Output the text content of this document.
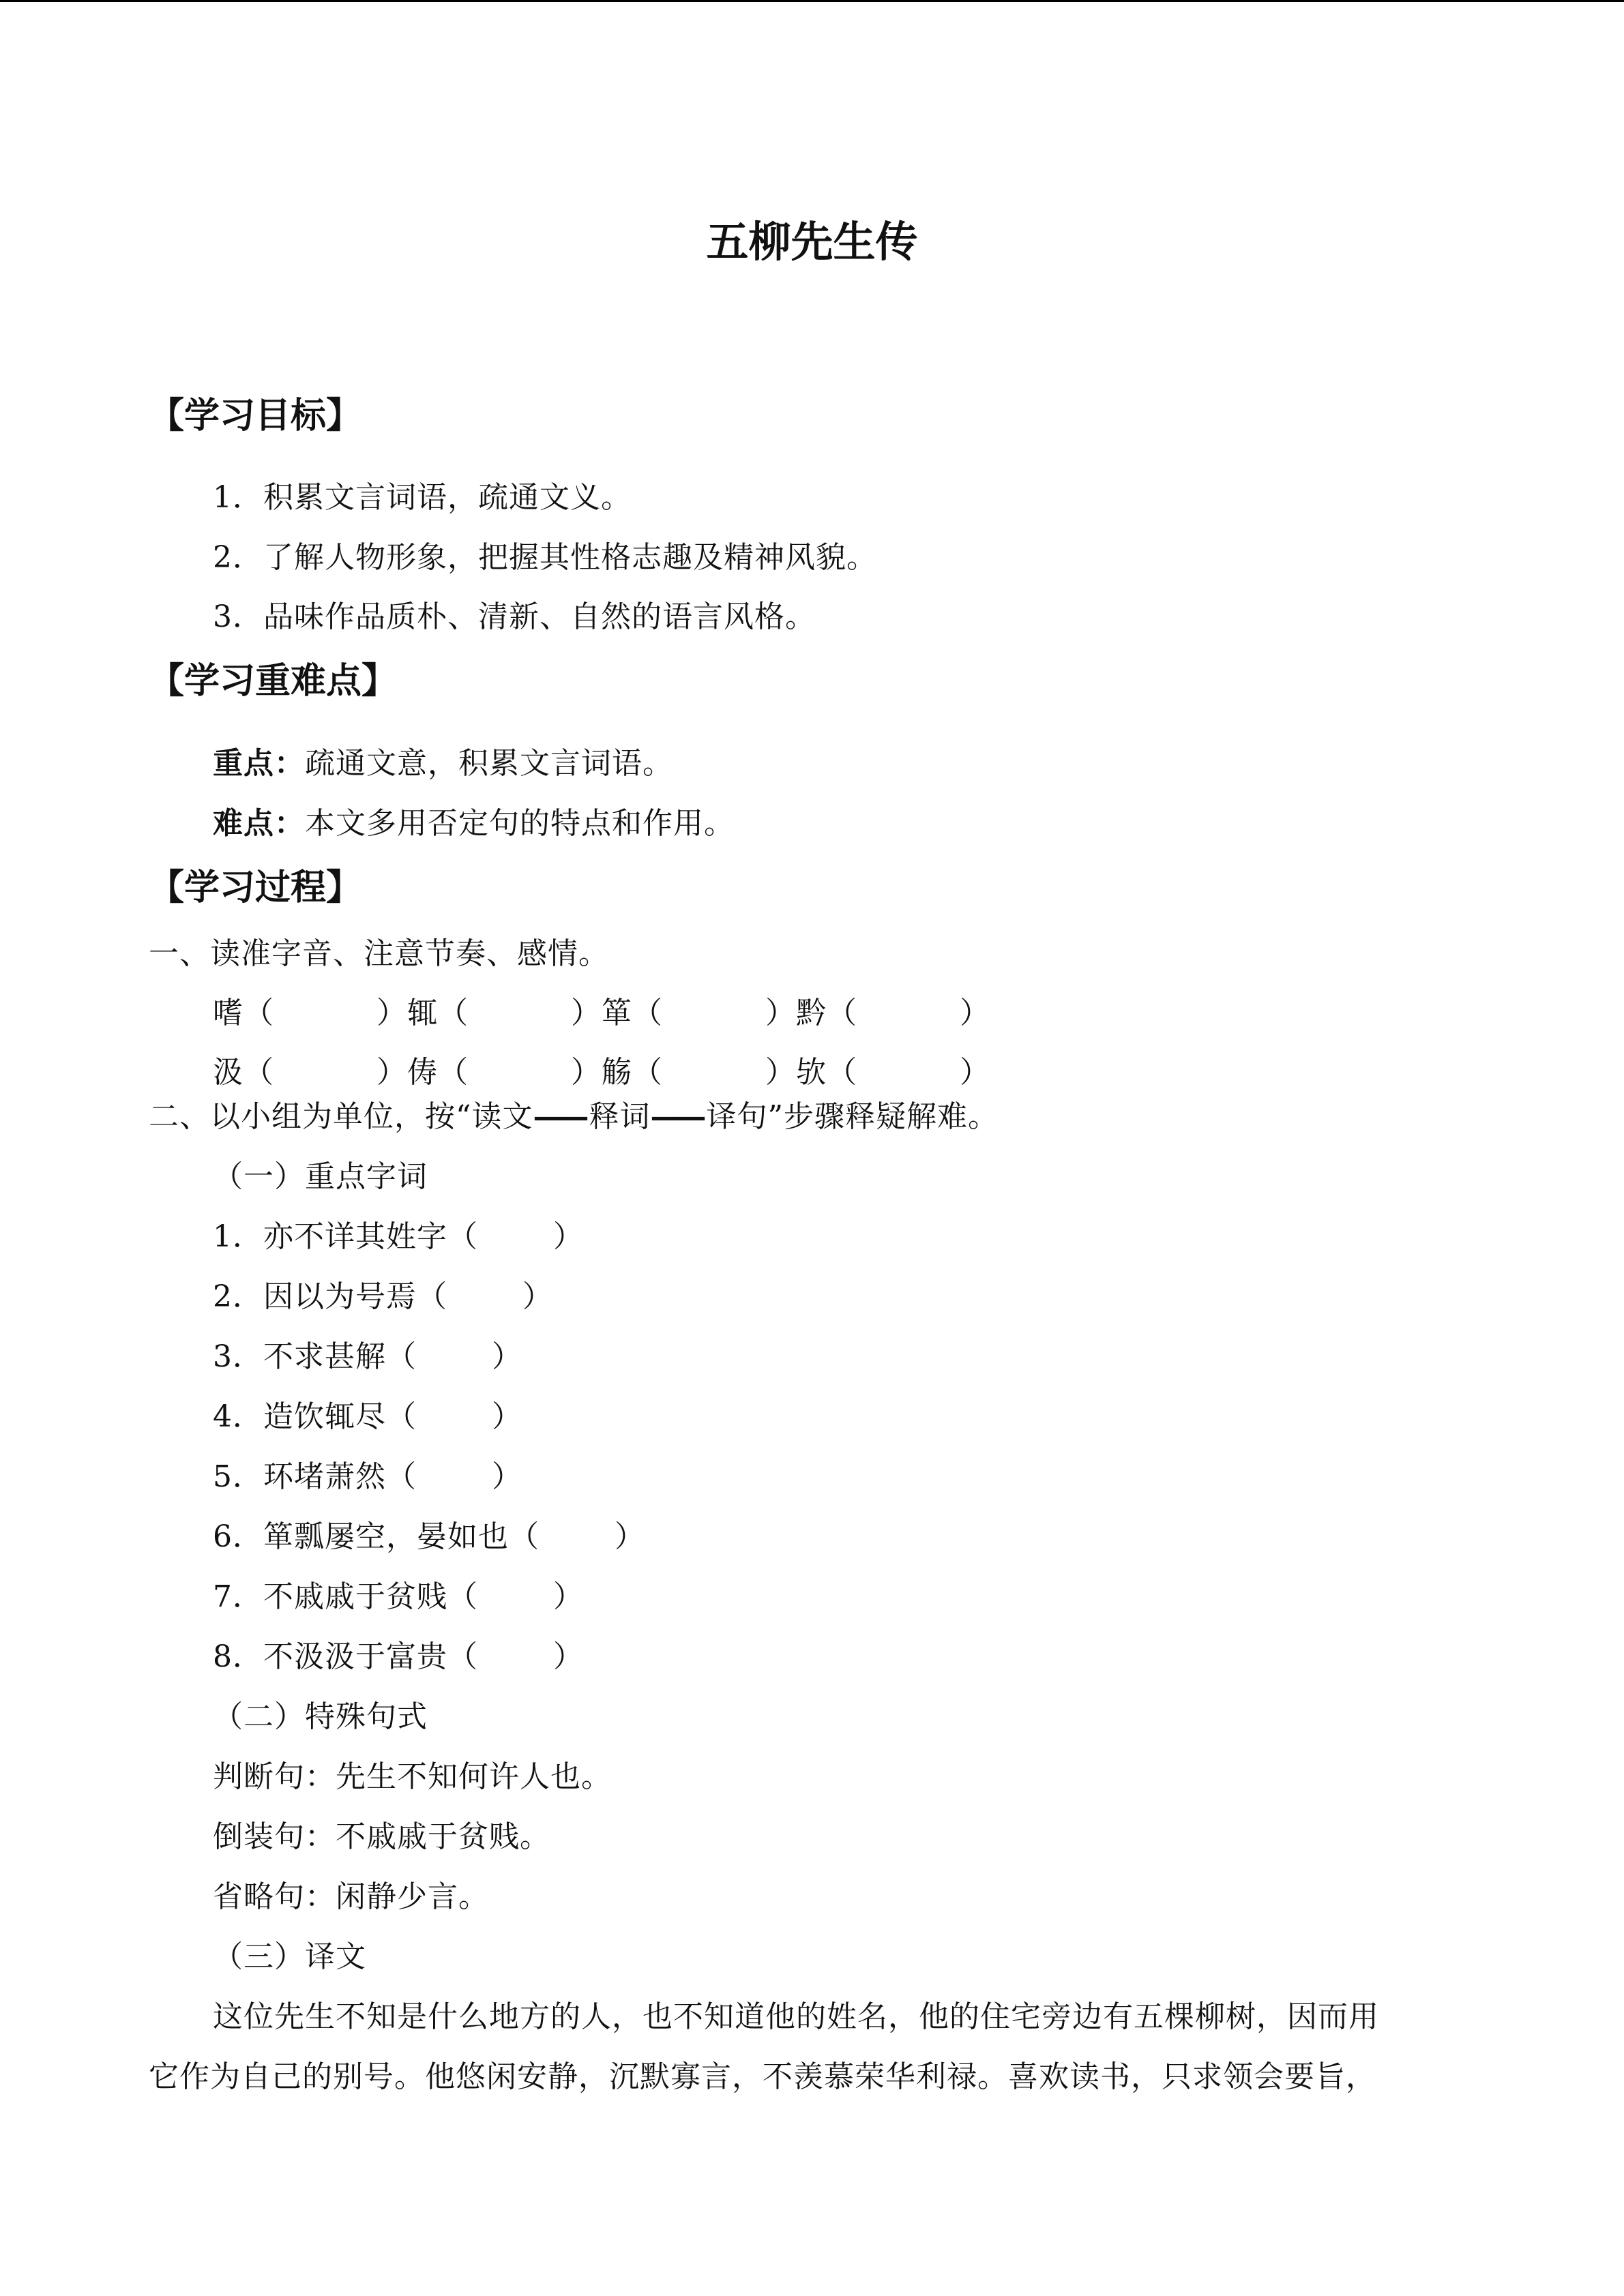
五柳先生传
【学习目标】
1．积累文言词语，疏通文义。
2．了解人物形象，把握其性格志趣及精神风貌。
3．品味作品质朴、清新、自然的语言风格。
【学习重难点】
重点：疏通文意，积累文言词语。
难点：本文多用否定句的特点和作用。
【学习过程】
一、读准字音、注意节奏、感情。
嗜（	）辄（	）箪（	）黔（	）
汲（	）俦（	）觞（	）欤（	）
二、以小组为单位，按“读文—— 释词—— 译句”步骤释疑解难。
（一）重点字词
1．亦不详其姓字（	）
2．因以为号焉（	）
3．不求甚解（	）
4．造饮辄尽（	）
5．环堵萧然（	）
6．箪瓢屡空，晏如也（	）
7．不戚戚于贫贱（	）
8．不汲汲于富贵（	）
（二）特殊句式
判断句：先生不知何许人也。
倒装句：不戚戚于贫贱。
省略句：闲静少言。
（三）译文
这位先生不知是什么地方的人，也不知道他的姓名，他的住宅旁边有五棵柳树，因而用
它作为自己的别号。他悠闲安静，沉默寡言，不羡慕荣华利禄。喜欢读书，只求领会要旨，
